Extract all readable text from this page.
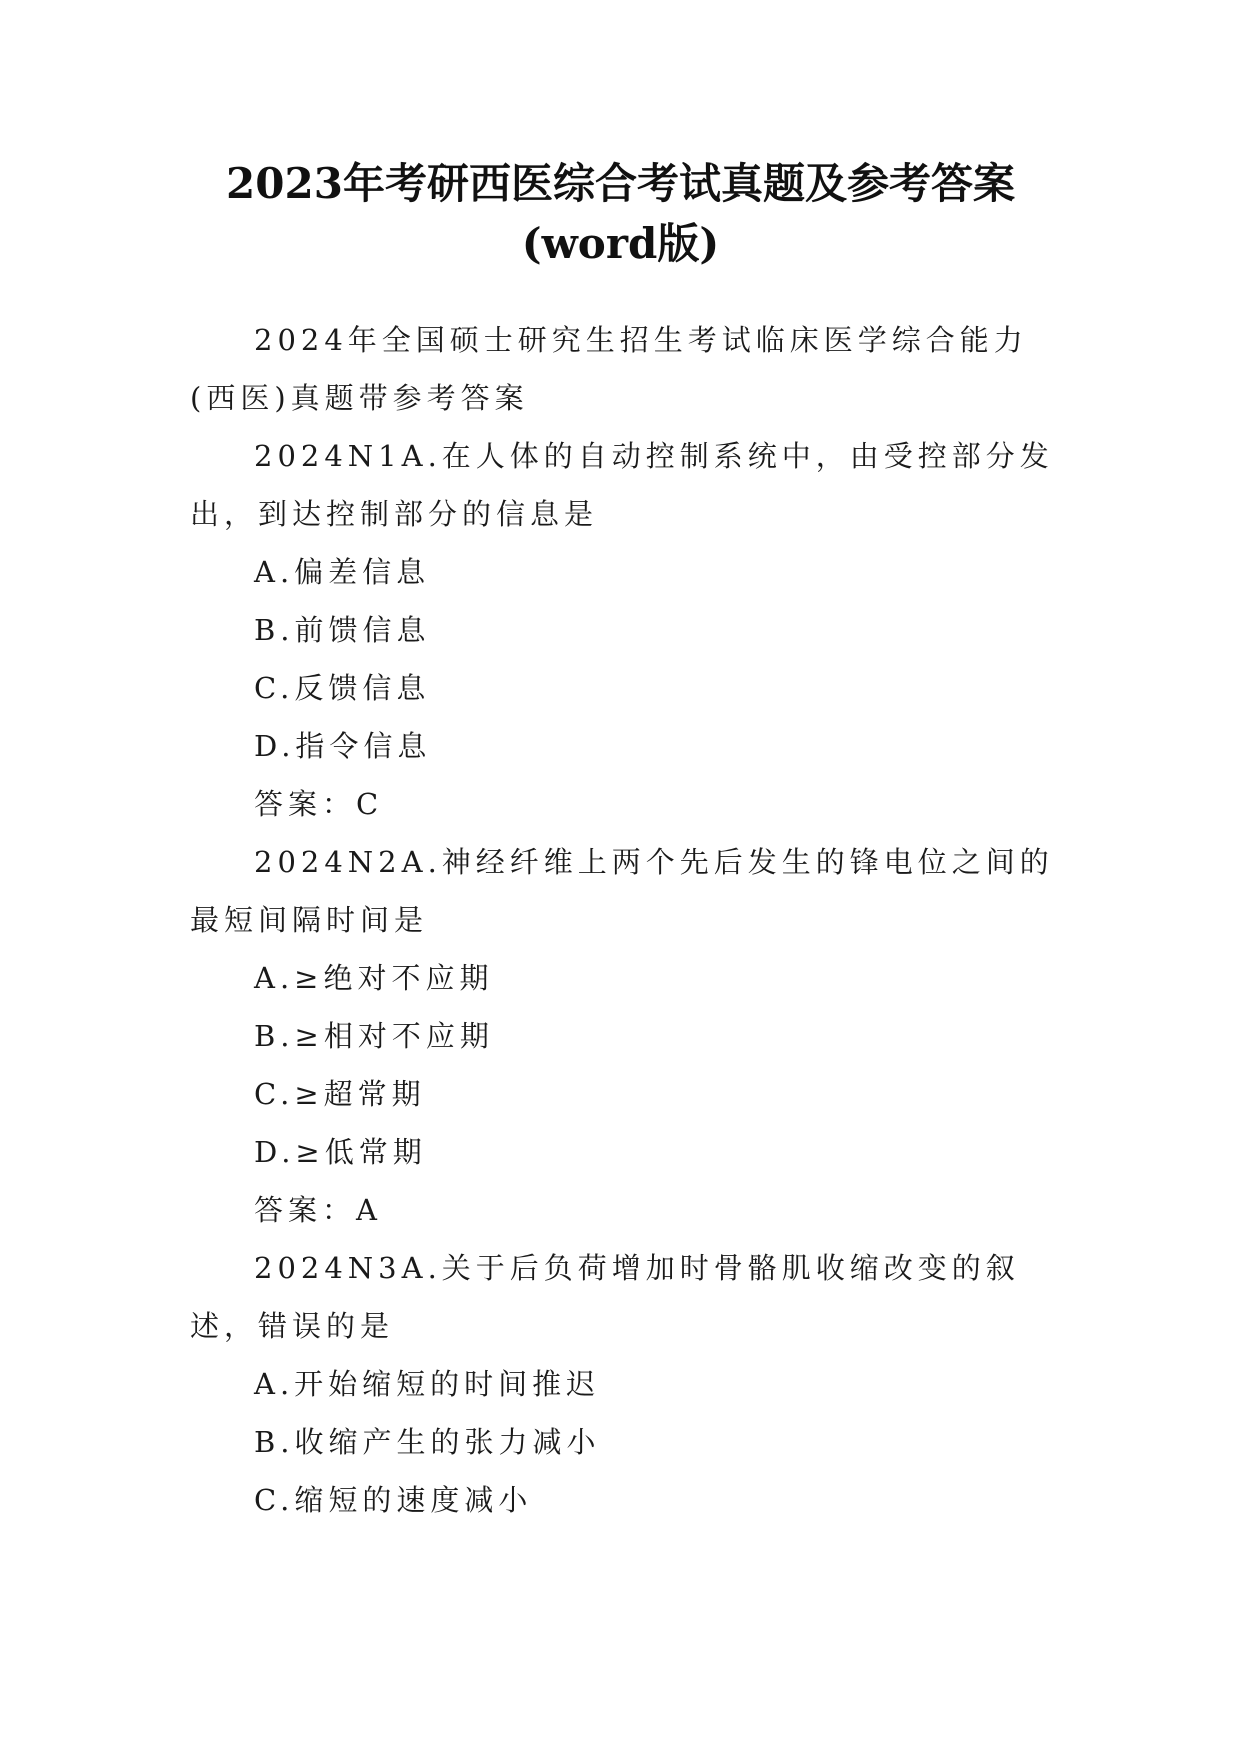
2023年考研西医综合考试真题及参考答案
(word版)

2024年全国硕士研究生招生考试临床医学综合能力(西医)真题带参考答案

2024N1A.在人体的自动控制系统中，由受控部分发出，到达控制部分的信息是

A.偏差信息

B.前馈信息

C.反馈信息

D.指令信息

答案：C

2024N2A.神经纤维上两个先后发生的锋电位之间的最短间隔时间是

A.≥绝对不应期

B.≥相对不应期

C.≥超常期

D.≥低常期

答案：A

2024N3A.关于后负荷增加时骨骼肌收缩改变的叙述，错误的是

A.开始缩短的时间推迟

B.收缩产生的张力减小

C.缩短的速度减小
